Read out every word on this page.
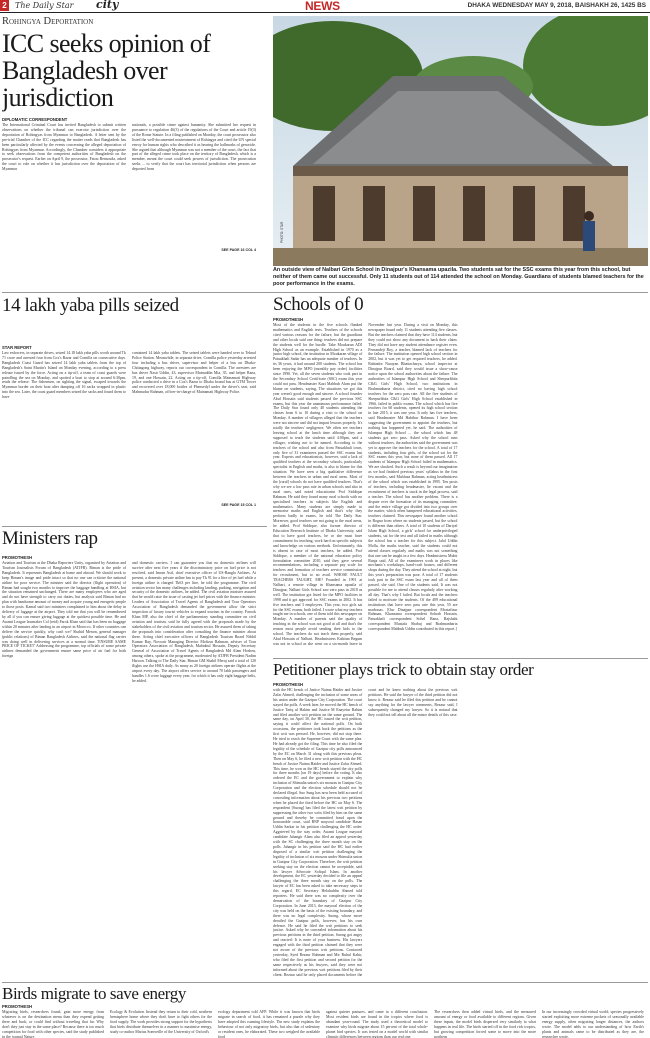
2 The Daily Star city	NEWS	DHAKA WEDNESDAY MAY 9, 2018, BAISHAKH 26, 1425 BS
Rohingya Deportation
ICC seeks opinion of Bangladesh over jurisdiction
DIPLOMATIC CORRESPONDENT
The International Criminal Court has invited Bangladesh to submit written observations on whether the tribunal can exercise jurisdiction over the deportation of Rohingyas from Myanmar to Bangladesh. A letter sent by the pre-trial Chamber of the ICC regarding the matter reads that Bangladesh has been particularly affected by the events concerning the alleged deportation of Rohingyas from Myanmar. Accordingly, the Chamber considers it appropriate to seek observations from the competent authorities of Bangladesh on the prosecutor's request. Earlier on April 9, the prosecutor, Fatou Bensouda, asked the court to rule on whether it has jurisdiction over the deportation of the Myanmar
nationals, a possible crime against humanity. She submitted her request in pursuance to regulation 46(3) of the regulations of the Court and article 19(3) of the Rome Statute. In a filing published on Monday, the court prosecutor also listed the well-documented mistreatment of Rohingya and cited the UN special envoy for human rights who described it as bearing the hallmarks of genocide. She argued that although Myanmar was not a member of the court, the fact that part of the alleged crime took place on the territory of Bangladesh, which is a member, meant the court could seek powers of jurisdiction. The prosecution seeks ... to verify that the court has territorial jurisdiction when persons are deported from
SEE PAGE 16 COL 4
PHOTO: STAR
An outside view of Nalbari Girls School in Dinajpur's Khansama upazila. Two students sat for the SSC exams this year from this school, but neither of them came out successful. Only 11 students out of 114 attended the school on Monday. Guardians of students blamed teachers for the poor performance in the exams.
14 lakh yaba pills seized
STAR REPORT
Law enforcers, in separate drives, seized 14.18 lakh yaba pills worth around Tk 71 crore and arrested four from Cox's Bazar and Comilla on consecutive days. Bangladesh Coast Guard has seized 14 lakh yaba tablets from the top of Bangladesh's Saint Martin's Island on Monday evening, according to a press release issued by the force. Acting on a tip-off, a team of coast guards were patrolling the sea on Monday, and spotted a boat to stop at around 6:30pm, reads the release. The fishermen, on sighting the signal, escaped towards the Myanmar border on their boat after dumping off 16 sacks wrapped in plastic into the sea. Later, the coast guard members seized the sacks and found them to have
contained 14 lakh yaba tablets. The seized tablets were handed over to Teknaf Police Station. Meanwhile, in separate drive, Comilla police yesterday arrested four including a bus driver, supervisor and helper of a bus on Dhaka-Chittagong highway, reports our correspondent in Comilla. The arrestees are bus driver Nasir Uddin, 43, supervisor Mainuddin Mia, 35, and helper Rana, 19, and one Hossain, 22. Acting on a tip-off, Comilla Mainamati Highway police conducted a drive in a Cox's Bazar to Dhaka bound bus at GTM Tower and recovered over 18,000 bottles of Phensedyl under the driver's seat, said Mahmudur Rahman, officer-in-charge of Mainamati Highway Police.
SEE PAGE 15 COL 1
Ministers rap
PROMOTHESH
Aviation and Tourism at the Dhaka Reporters Unity, organised by Aviation and Tourism Journalists Forum of Bangladesh (ATJFB). Biman is the pride of Bangladesh. It represents Bangladesh at home and abroad. We should work to keep Biman's image and pride intact so that no one can criticise the national airline for poor service. The minister said the director (flight operation) of Biman had sought two months to improve the baggage handling at HSIA, but the situation remained unchanged. There are many employees who are aged and do not have strength to carry out duties, but analysts said Biman had no plan with handsome amount of money and acquire young and energetic people to those posts. Kamal said two ministers complained to him about the delay in delivery of luggage at the airport. They told me that you will be remembered by all if you can ensure giving luggage at the quickest possible time. He and Awami League lawmaker Col (retd) Farok Khan said that has been no baggage within 20 minutes after landing in an airport in Morocco. If other countries can deliver the service quickly, why can't we? Shahid Menon, general manager (public relations) of Biman Bangladesh Airlines, said the national flag carrier was doing well in delivering services at a normal time. 'ENSURE SAME PRICE OF TICKET' Addressing the programme, top officials of some private airlines demanded the government ensure same price of air fuel for both foreign
and domestic carriers. I can guarantee you that no domestic airlines will survive after next five years if the discriminatory price on fuel price is not resolved, said Imran Asif, chief executive officer of US-Bangla Airlines. At present, a domestic private airline has to pay Tk 91 for a litre of jet fuel while a foreign airline is charged Tk63 per litre, he told the programme. The civil aviation sector has many challenges including landing, parking, navigation and security of the domestic airlines, he added. The civil aviation minister assured that he would raise the issue of casting jet fuel prices with the finance minister. Leaders of Association of Travel Agents of Bangladesh and Tour Operators Association of Bangladesh demanded the government allow the strict inspection of luxury tourist vehicles to expand tourism in the country. Farook Khan MP, also the chief of the parliamentary standing committee on civil aviation and tourism, said he fully agreed with the proposals made by the stakeholders of the civil aviation and tourism sector. He assured them of taking the proposals into consideration after consulting the finance minister about these. Acting chief executive officers of Bangladesh Tourism Board Nibbil Kumar Ray, Novoair Managing Director Mofizur Rahman, adviser of Tour Operators Association of Bangladesh, Mahtabul Hossain, Deputy Secretary General of Association of Travel Agents of Bangladesh Md Alam Hoshen, among others, spoke at the programme, moderated by ATJFB President Nadim Haroon. Talking to The Daily Star, Biman GM Shakil Meraj said a total of 120 flights use the HSIA daily. As many as 20 foreign airlines operate flights at the airport every day. The airport offers service to around 70 lakh passengers and handles 1.6 crore luggage every year, for which it has only eight baggage belts, he added.
Schools of 0
PROMOTHESH
Most of the students in the five schools flunked mathematics and English tests. Teachers of the schools cited various reasons for the failure, but the guardians and other locals said one thing: teachers did not prepare the students well for the hurdle. Take Moukaran ADJ High School as an example. Established in 1970 as a junior high school, the institution in Moukaran village of Patuakhali Sadar has an adequate number of teachers. In its 36 years, it had around 200 students. The school has been enjoying the MPO (monthly pay order) facilities since 1990. Yet, all the seven students who took part in the Secondary School Certificate (SSC) exam this year could not pass. Headmaster Kazi Mahbub Alam put the blame on students, saying, The situations we got this year weren't good enough and sincere. A school founder Abul Hossain said students passed the previous SSC exams, but this year the unanimous performance failed. The Daily Star found only 40 students attending the classes from 6 to 10 during a visit to the school on Monday. A number of villagers alleged that the teachers were not sincere and did not impart lessons properly. It's totally the teachers' negligence. We often see teachers leaving school at the lunch time although they are supposed to teach the students until 4:00pm, said a villager, wishing not to be named. According to the teachers of the school and also from Patuakhali town, only five of 31 examinees passed the SSC exams last year. Experts and educationists, however, said a lack of qualified teachers at the secondary schools, particularly specialist in English and maths, is also to blame for this situation. We have seen a big qualitative difference between the teachers in urban and rural areas. Most of the [rural] schools do not have qualified teachers. That's why we see a low pass rate in urban schools and also in rural ones, said noted educationist Prof Siddique Rahman. He said they found many rural schools with no specialised teachers in subjects like English and mathematics. Many students are simply made to memorise maths and English and that's why they perform badly in exams, he told The Daily Star. Moreover, good teachers are not going to the rural areas, he added. Prof Siddique, also former director of Education Research Institute of Dhaka University, said that to have good teachers, he or she must have commitment for teaching, work hard on specific subjects and knowledge on various methods. Unfortunately, this is absent in case of most teachers, he added. Prof Siddique, a member of the national education policy formulation committee 2010, said they gave several recommendations, including a separate pay scale for teachers and formation of teachers service commission for recruitment, but to no avail. WHOSE FAULT TEACHERS TAUGHT, ME? Founded in 1991 at Nalbari, a remote village in Khansama upazila of Dinajpur, Nalbari Girls School saw zero pass in 2018 as well. The institution got listed for the MPO facilities in 1998 and it got approval for SSC exams in 2002. It has five teachers and 3 employees. This year, two girls sat for the SSC exams, both failed. I wrote what my teachers taught me in schools, one of them told this newspaper on Monday. A number of parents said the quality of teaching in the school was not good at all and that's the reason most people avoid sending their kids to the school. The teachers do not teach them properly, said Abul Hossain of Nalbari. Headmistress Kabitun Begum was not in school as she went on a six-month leave in November last year. During a visit on Monday, this newspaper found only 11 students attending five classes. But the teachers claimed that they have 114 students, but they could not show any document to back their claim. They did not have any student attendance register even. Fernandeji Roy, a teacher, blamed lack of teachers for the failure. The institution opened high school section in 2002, but it was yet to get required teachers, he added. Rabindra Narayan Bhattacharya, school inspector at Dinajpur Board, said they would issue a show-cause notice upon the school authorities about the failure. The authorities of Islampur High School and Sherpurbhita C&G Girls' High School, two institutions in Brahmanbaria district, cited no having high school teachers for the zero pass rate. All the five students of Sherpurbhita C&G Girls' High School established in 1966, failed in public exams. The school which has five teachers for 60 students, opened its high school section in late 2015, it was one year. It only has five teachers, said Headmaster Md Habibur Rahman. I have been suggesting the government to appoint the teachers, but nothing has happened yet, he said. The authorities of Islampur High School ... the school which has 48 students got zero pass. Asked why the school runs without teachers, the authorities said the government was yet to approve the teachers for the school. A total of 17 students, including four girls, of the school sat for the SSC exams this year, but none of them passed. All 17 students of Islampur High School failed in mathematics. We are shocked. Such a result is beyond our imagination as we had finished previous years' syllabus in the first few months, said Mahfuza Rahman, acting headmistress of the school which was established in 1995. Ten posts of teachers, including headmaster, lie vacant and the recruitment of teachers is stuck in the legal process, said a teacher. The school has another problem. There is a dispute over the formation of its managing committee, and the entire village got divided into two groups over the matter, which often hampered educational activities, teachers claimed. This newspaper found another school in Rogna from where no students passed, but the school is different than others. A total of 10 students of Dariyal Islam High School, a girls' school for underprivileged students, sat for the test and all failed in maths although the school has a teacher for this subject. Jalal Uddin Molla, the maths teacher, said the students could not attend classes regularly and maths was not something that one can be taught in a few days. Headmistress Muhit Ranja said, All of the examinees work in places like mechanic's workshops, hand-craft houses, and different shops during the day. They attend the school at night, but this year's preparation was poor. A total of 17 students took part in the SSC exam last year and all of them passed, she said. One of the students said, It was not possible for me to attend classes regularly after working all day. That's why I failed. But locals and the teachers failed to motivate the students. Of the 409 educational institutions that have zero pass rate this year, 55 are madrasas. [Our Dinajpur correspondent Mostafizur Rahman, Khansama correspondent Sohrab Hossain, Patuakhali correspondent Sohel Rana, Rajshahi correspondent Mustafa Shabuj and Brahmanbaria correspondent Mahbub Uddin contributed in this report.]
Petitioner plays trick to obtain stay order
PROMOTHESH
with the HC bench of Justice Naima Haider and Justice Zafar Ahmed, challenging the inclusion of some areas of his union under the Gazipur City Corporation. The court stayed the polls. A week later, he moved the HC bench of Justice Tariq ul Hakim and Justice M Enayetur Rahim and filed another writ petition on the same ground. The same day, on April 30, the HC issued the writ petition, saying it could affect the national polls. On both occasions, the petitioner took back the petitions as the first writ was pressed. He, however, did not stop there. He tried to reach the Supreme Court with the same plea. He had already got the filing. This time he also filed the legality of the schedule of Gazipur city polls announced by the EC on March 31 along with this previous pleas. Then on May 6, he filed a new writ petition with the HC bench of Justice Naima Haider and Justice Zafar Ahmed. This time, he won as the HC bench stayed the city polls for three months [on 19 days] before the voting. It also ordered the EC and the government to explain why inclusion of Shimulia union's six mouzas in Gazipur City Corporation and the election schedule should not be declared illegal. Suo Sung has now been held accused of concealing information about his previous two petitions when he placed the third before the HC on May 6. The respondent [Suong] has filed the latest writ petition by suppressing the other two writs filed by him on the same ground and thereby he committed fraud upon the honourable court, said BNP mayoral candidate Hasan Uddin Sarkar in his petition challenging the HC order. Aggrieved by the stay order, Awami League mayoral candidate Jahangir Alam also filed an appeal yesterday with the SC challenging the three month stay on the polls. Jahangir in his petition said the HC had earlier disposed of a similar writ petition challenging the legality of inclusion of six mouzas under Shimulia union in Gazipur City Corporation. Therefore, the writ petition seeking stay on the election cannot be acceptable, said his lawyer Advocate Sofiqul Islam. In another development, the EC yesterday decided to file an appeal challenging the three month stay on the polls. The lawyer of EC has been asked to take necessary steps in this regard, EC Secretary Helaluddin Ahmed told reporters. He said there was no complexity over the demarcation of the boundary of Gazipur City Corporation. In June 2013, the mayoral election of the city was held on the basis of the existing boundary, and there was no legal complexity. Suong, whose move derailed the Gazipur polls, however, has his own defence. He said he filed the writ petitions to seek justice. Asked why he concealed information about his previous petitions in the third petition, Suong got angry and reacted: It is none of your business. His lawyers engaged with the third petition claimed that they were not aware of the previous writ petitions. Contacted yesterday, Syed Rezaur Rahman and Mir Ruhul Kabir, who filed the first petition and second petition for the same respectively as his lawyers, said they were not informed about the previous writ petitions filed by their client. Rezaur said he only placed documents before the court and he knew nothing about the previous writ petitions. He said the lawyer of the third petition did not know it. Rezaur said he filed this petition and he cannot say anything for the lawyer comments, Rezaur said, I subsequently changed my lawyer. So it is natural that they could not tell about all the minor details of this case.
Birds migrate to save energy
PROMOTHESH
Migrating birds, researchers found, gain more energy from whatever is on the destination menu than they expend getting there and back, or could find without traveling that far. Why don't they just stay in the same place? Because there is too much competition for food with other species, said the study published in the journal Nature
Ecology & Evolution. Instead they return to their cold, northern hemisphere home where they don't have to fight others for the food supply. The work provides strong support for the hypothesis that birds distribute themselves in a manner to maximise energy, study co-author Marius Somveille of the University of Oxford's
ecology department told AFP. While it was known that birds migrate in search of food, it has remained a puzzle why they have adopted this roaming lifestyle. The new study explains the behaviour of not only migratory birds, but also that of sedentary or resident ones, he elaborated. These two weighed the available food
against quieter pastures, and came to a different conclusion. Most resident birds are found in the tropics where food is abundant year-round. The study used a theoretical model to examine why birds migrate about 15 percent of the total whole-planet bird species. It was tested on a model world with similar climatic differences between regions than our real one.
The researchers then added virtual birds, and the measured amount of energy or food available to different regions. Given these inputs, the model birds dispersed very similarly to what happens in real life. The birds started off in the food rich tropics, but growing competition forced some to move into the more northern
In our increasingly crowded virtual world, species progressively started exploiting more extreme pockets of seasonally available energy supply, often migrating longer distances, the authors wrote. The model adds to our understanding of how Earth's plants and animals came to be distributed as they are, the researcher wrote.
